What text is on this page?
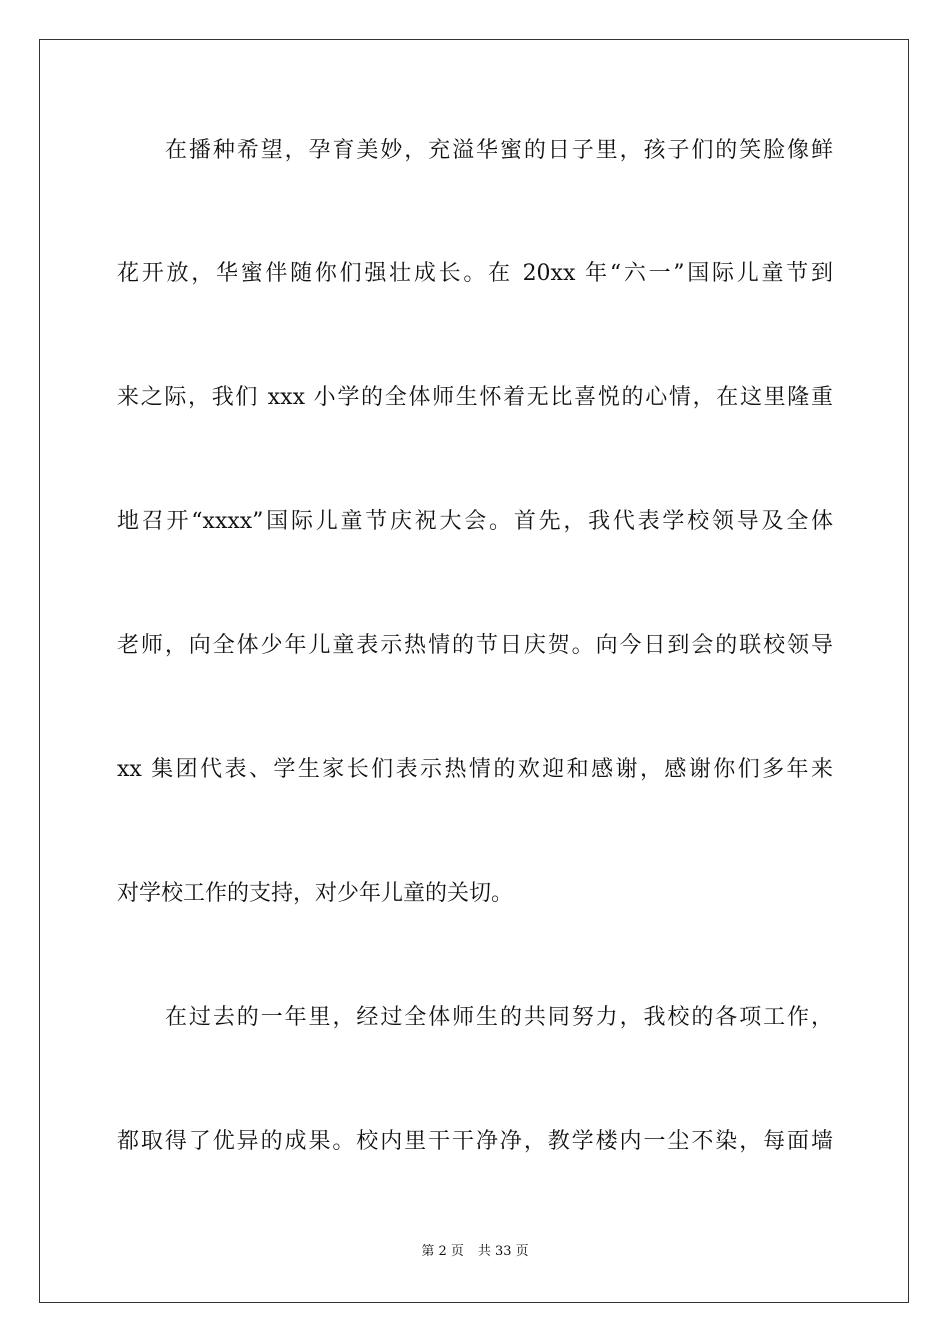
在播种希望，孕育美妙，充溢华蜜的日子里，孩子们的笑脸像鲜
花开放，华蜜伴随你们强壮成长。在 20xx 年“六一”国际儿童节到
来之际，我们 xxx 小学的全体师生怀着无比喜悦的心情，在这里隆重
地召开“xxxx”国际儿童节庆祝大会。首先，我代表学校领导及全体
老师，向全体少年儿童表示热情的节日庆贺。向今日到会的联校领导
xx 集团代表、学生家长们表示热情的欢迎和感谢，感谢你们多年来
对学校工作的支持，对少年儿童的关切。
在过去的一年里，经过全体师生的共同努力，我校的各项工作，
都取得了优异的成果。校内里干干净净，教学楼内一尘不染，每面墙
第 2 页 共 33 页
